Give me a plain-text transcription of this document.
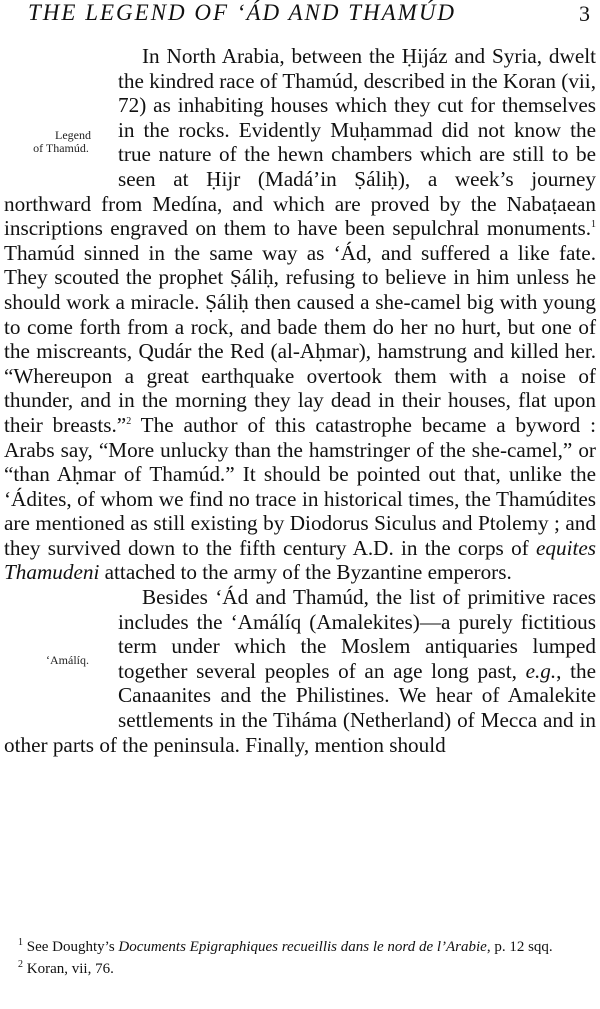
THE LEGEND OF ‘ÁD AND THAMÚD	3

Legend of Thamúd.
In North Arabia, between the Ḥijáz and Syria, dwelt the kindred race of Thamúd, described in the Koran (vii, 72) as inhabiting houses which they cut for themselves in the rocks. Evidently Muḥammad did not know the true nature of the hewn chambers which are still to be seen at Ḥijr (Madá’in Ṣáliḥ), a week’s journey northward from Medína, and which are proved by the Nabaṭaean inscriptions engraved on them to have been sepulchral monuments.$^1$ Thamúd sinned in the same way as ‘Ád, and suffered a like fate. They scouted the prophet Ṣáliḥ, refusing to believe in him unless he should work a miracle. Ṣáliḥ then caused a she-camel big with young to come forth from a rock, and bade them do her no hurt, but one of the miscreants, Qudár the Red (al-Aḥmar), hamstrung and killed her. “Whereupon a great earthquake overtook them with a noise of thunder, and in the morning they lay dead in their houses, flat upon their breasts.”$^2$ The author of this catastrophe became a byword : Arabs say, “More unlucky than the hamstringer of the she-camel,” or “than Aḥmar of Thamúd.” It should be pointed out that, unlike the ‘Ádites, of whom we find no trace in historical times, the Thamúdites are mentioned as still existing by Diodorus Siculus and Ptolemy ; and they survived down to the fifth century A.D. in the corps of equites Thamudeni attached to the army of the Byzantine emperors.

‘Amálíq.
Besides ‘Ád and Thamúd, the list of primitive races includes the ‘Amálíq (Amalekites)—a purely fictitious term under which the Moslem antiquaries lumped together several peoples of an age long past, e.g., the Canaanites and the Philistines. We hear of Amalekite settlements in the Tiháma (Netherland) of Mecca and in other parts of the peninsula. Finally, mention should

$^1$ See Doughty’s Documents Epigraphiques recueillis dans le nord de l’Arabie, p. 12 sqq.

$^2$ Koran, vii, 76.
